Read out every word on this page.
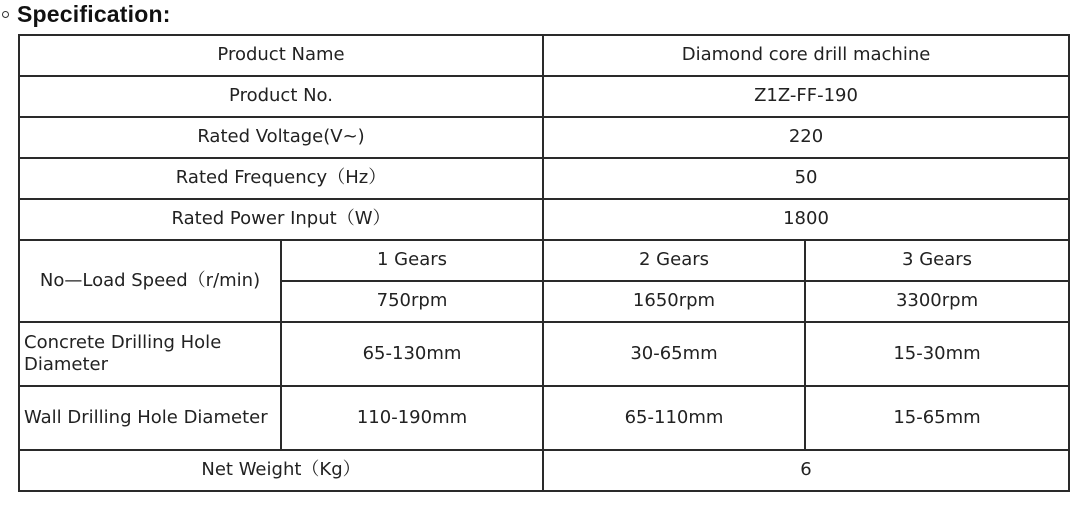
Specification:
Product Name		Diamond core drill machine	
Product No.		Z1Z-FF-190	
Rated Voltage(V~)		220	
Rated Frequency（Hz）		50	
Rated Power Input（W）		1800	
No—Load Speed（r/min)	1 Gears	2 Gears	3 Gears
	750rpm	1650rpm	3300rpm
Concrete Drilling Hole Diameter	65-130mm	30-65mm	15-30mm
Wall Drilling Hole Diameter	110-190mm	65-110mm	15-65mm
Net Weight（Kg）		6	
